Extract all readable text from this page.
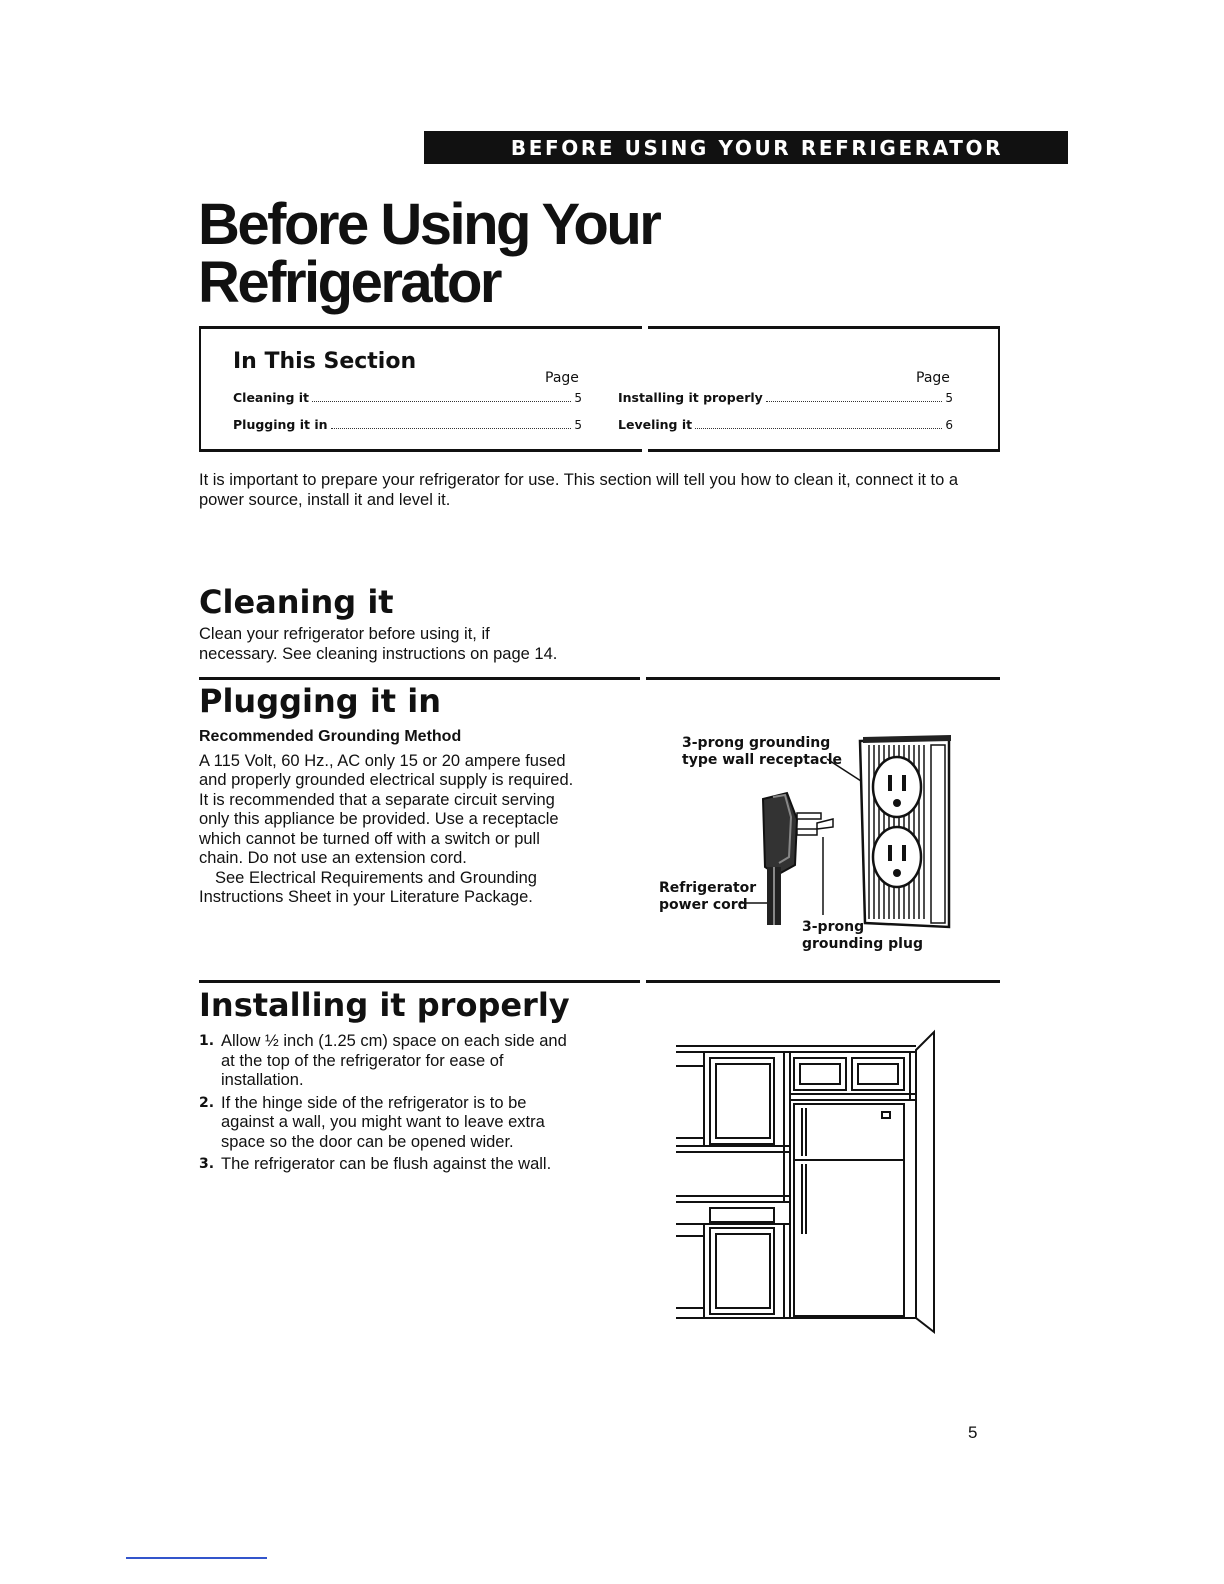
BEFORE USING YOUR REFRIGERATOR
Before Using Your
Refrigerator
In This Section
Page	Page
Cleaning it	5
Plugging it in	5
Installing it properly	5
Leveling it	6

It is important to prepare your refrigerator for use. This section will tell you how to clean it, connect it to a power source, install it and level it.

Cleaning it

Clean your refrigerator before using it, if necessary. See cleaning instructions on page 14.

Plugging it in

Recommended Grounding Method

A 115 Volt, 60 Hz., AC only 15 or 20 ampere fused and properly grounded electrical supply is required. It is recommended that a separate circuit serving only this appliance be provided. Use a receptacle which cannot be turned off with a switch or pull chain. Do not use an extension cord.

See Electrical Requirements and Grounding Instructions Sheet in your Literature Package.

3-prong grounding
type wall receptacle
Refrigerator
power cord
3-prong
grounding plug
Installing it properly
1. Allow ½ inch (1.25 cm) space on each side and at the top of the refrigerator for ease of installation.
2. If the hinge side of the refrigerator is to be against a wall, you might want to leave extra space so the door can be opened wider.
3. The refrigerator can be flush against the wall.
5
